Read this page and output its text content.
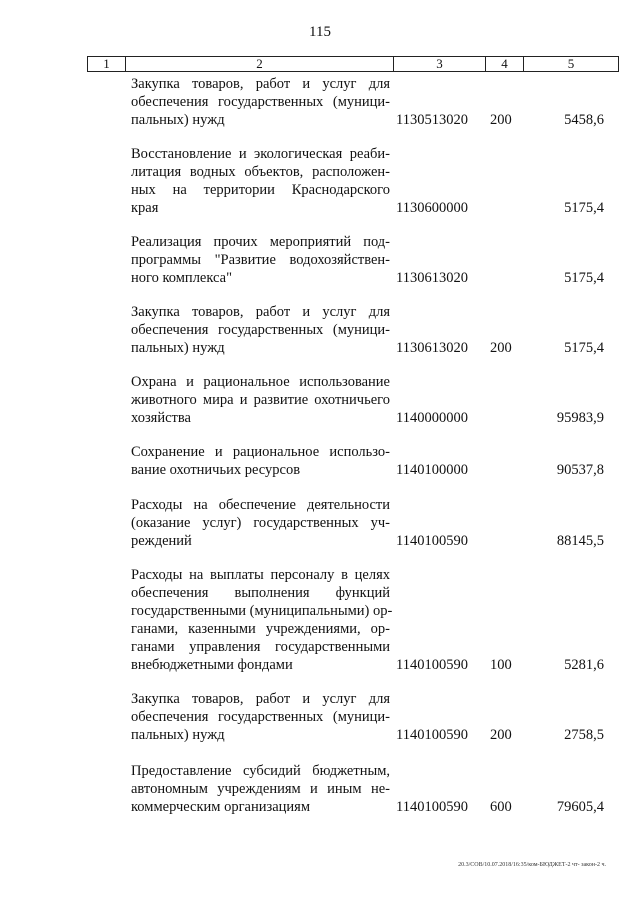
115
1	2	3	4	5
Закупка товаров, работ и услуг для
обеспечения государственных (муници-
пальных) нужд	1130513020 200	5458,6
Восстановление и экологическая реаби-
литация водных объектов, расположен-
ных на территории Краснодарского
края	1130600000	5175,4
Реализация прочих мероприятий под-
программы "Развитие водохозяйствен-
ного комплекса"	1130613020	5175,4
Закупка товаров, работ и услуг для
обеспечения государственных (муници-
пальных) нужд	1130613020 200	5175,4
Охрана и рациональное использование
животного мира и развитие охотничьего
хозяйства	1140000000	95983,9
Сохранение и рациональное использо-
вание охотничьих ресурсов	1140100000	90537,8
Расходы на обеспечение деятельности
(оказание услуг) государственных уч-
реждений	1140100590	88145,5
Расходы на выплаты персоналу в целях
обеспечения выполнения функций
государственными (муниципальными) ор-
ганами, казенными учреждениями, ор-
ганами управления государственными
внебюджетными фондами	1140100590 100	5281,6
Закупка товаров, работ и услуг для
обеспечения государственных (муници-
пальных) нужд	1140100590 200	2758,5
Предоставление субсидий бюджетным,
автономным учреждениям и иным не-
коммерческим организациям	1140100590 600	79605,4
20.3/СОВ/10.07.2018/16:35/ком-БЮДЖЕТ-2 чт- закон-2 ч.
